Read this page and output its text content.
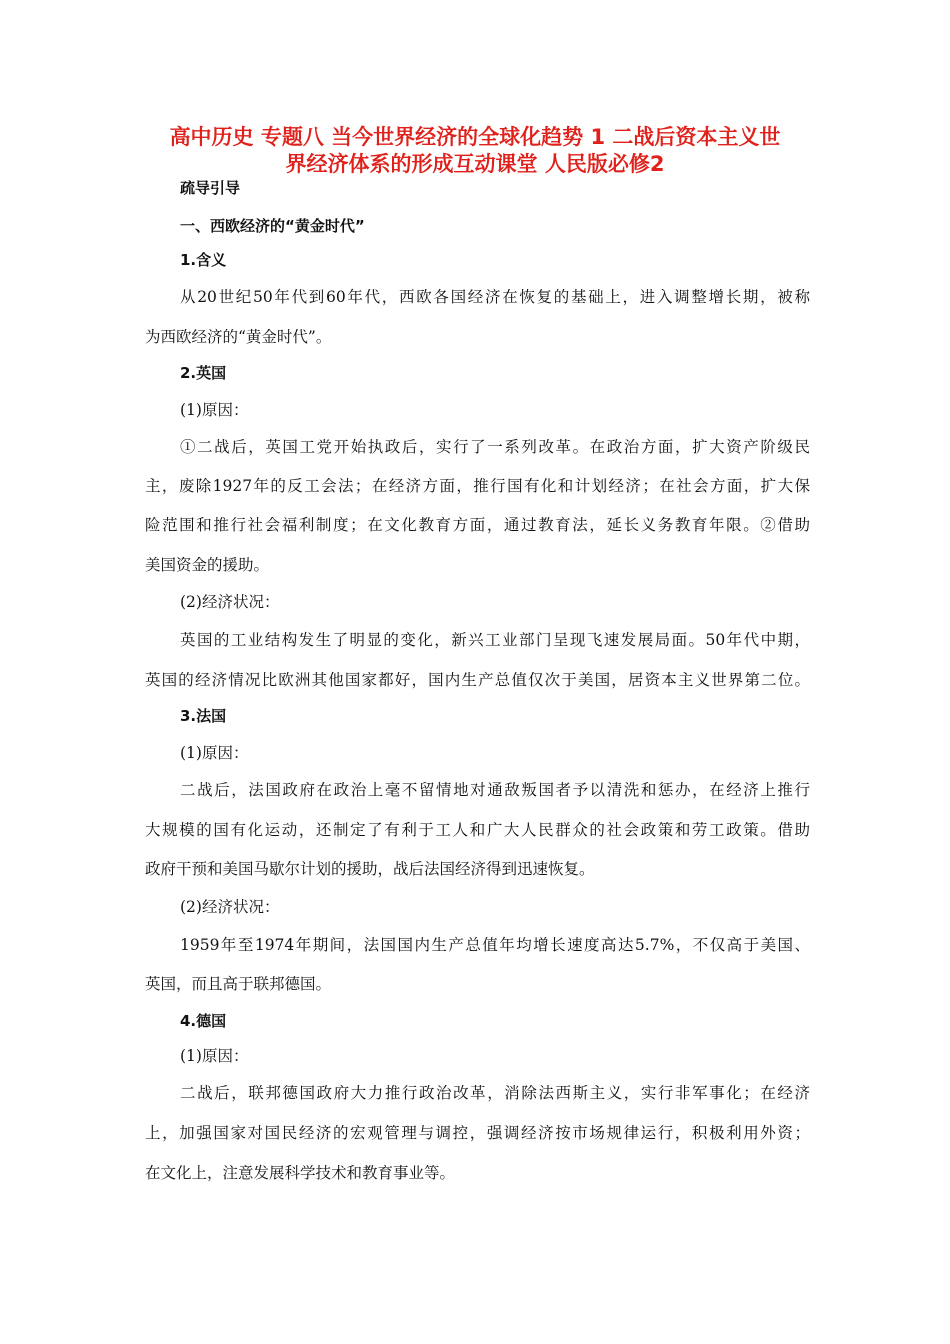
高中历史 专题八 当今世界经济的全球化趋势 1 二战后资本主义世
界经济体系的形成互动课堂 人民版必修2
疏导引导
一、西欧经济的“黄金时代”
1.含义
从20世纪50年代到60年代，西欧各国经济在恢复的基础上，进入调整增长期，被称
为西欧经济的“黄金时代”。
2.英国
(1)原因：
①二战后，英国工党开始执政后，实行了一系列改革。在政治方面，扩大资产阶级民
主，废除1927年的反工会法；在经济方面，推行国有化和计划经济；在社会方面，扩大保
险范围和推行社会福利制度；在文化教育方面，通过教育法，延长义务教育年限。②借助
美国资金的援助。
(2)经济状况：
英国的工业结构发生了明显的变化，新兴工业部门呈现飞速发展局面。50年代中期，
英国的经济情况比欧洲其他国家都好，国内生产总值仅次于美国，居资本主义世界第二位。
3.法国
(1)原因：
二战后，法国政府在政治上毫不留情地对通敌叛国者予以清洗和惩办，在经济上推行
大规模的国有化运动，还制定了有利于工人和广大人民群众的社会政策和劳工政策。借助
政府干预和美国马歇尔计划的援助，战后法国经济得到迅速恢复。
(2)经济状况：
1959年至1974年期间，法国国内生产总值年均增长速度高达5.7%，不仅高于美国、
英国，而且高于联邦德国。
4.德国
(1)原因：
二战后，联邦德国政府大力推行政治改革，消除法西斯主义，实行非军事化；在经济
上，加强国家对国民经济的宏观管理与调控，强调经济按市场规律运行，积极利用外资；
在文化上，注意发展科学技术和教育事业等。
